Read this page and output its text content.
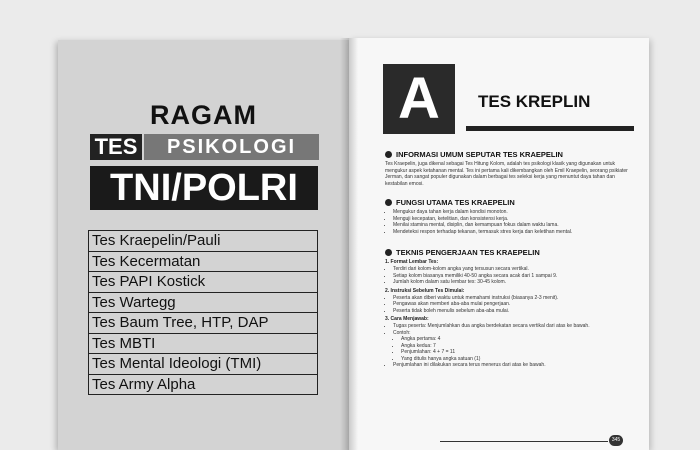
RAGAM
TES	PSIKOLOGI
TNI/POLRI
Tes Kraepelin/Pauli
Tes Kecermatan
Tes PAPI Kostick
Tes Wartegg
Tes Baum Tree, HTP, DAP
Tes MBTI
Tes Mental Ideologi (TMI)
Tes Army Alpha
A	TES KREPLIN
INFORMASI UMUM SEPUTAR TES KRAEPELIN
Tes Kraepelin, juga dikenal sebagai Tes Hitung Kolom, adalah tes psikologi klasik yang digunakan untuk mengukur aspek ketahanan mental. Tes ini pertama kali dikembangkan oleh Emil Kraepelin, seorang psikiater Jerman, dan sangat populer digunakan dalam berbagai tes seleksi kerja yang menuntut daya tahan dan kestabilan emosi.
FUNGSI UTAMA TES KRAEPELIN
• Mengukur daya tahan kerja dalam kondisi monoton.
• Menguji kecepatan, ketelitian, dan konsistensi kerja.
• Menilai stamina mental, disiplin, dan kemampuan fokus dalam waktu lama.
• Mendeteksi respon terhadap tekanan, termasuk stres kerja dan keletihan mental.
TEKNIS PENGERJAAN TES KRAEPELIN
1. Format Lembar Tes:
• Terdiri dari kolom-kolom angka yang tersusun secara vertikal.
• Setiap kolom biasanya memiliki 40-50 angka secara acak dari 1 sampai 9.
• Jumlah kolom dalam satu lembar tes: 30-45 kolom.
2. Instruksi Sebelum Tes Dimulai:
• Peserta akan diberi waktu untuk memahami instruksi (biasanya 2-3 menit).
• Pengawas akan memberi aba-aba mulai pengerjaan.
• Peserta tidak boleh menulis sebelum aba-aba mulai.
3. Cara Menjawab:
• Tugas peserta: Menjumlahkan dua angka berdekatan secara vertikal dari atas ke bawah.
• Contoh:
• Angka pertama: 4
• Angka kedua: 7
• Penjumlahan: 4 + 7 = 11
• Yang ditulis hanya angka satuan (1)
• Penjumlahan ini dilakukan secara terus menerus dari atas ke bawah.
345
